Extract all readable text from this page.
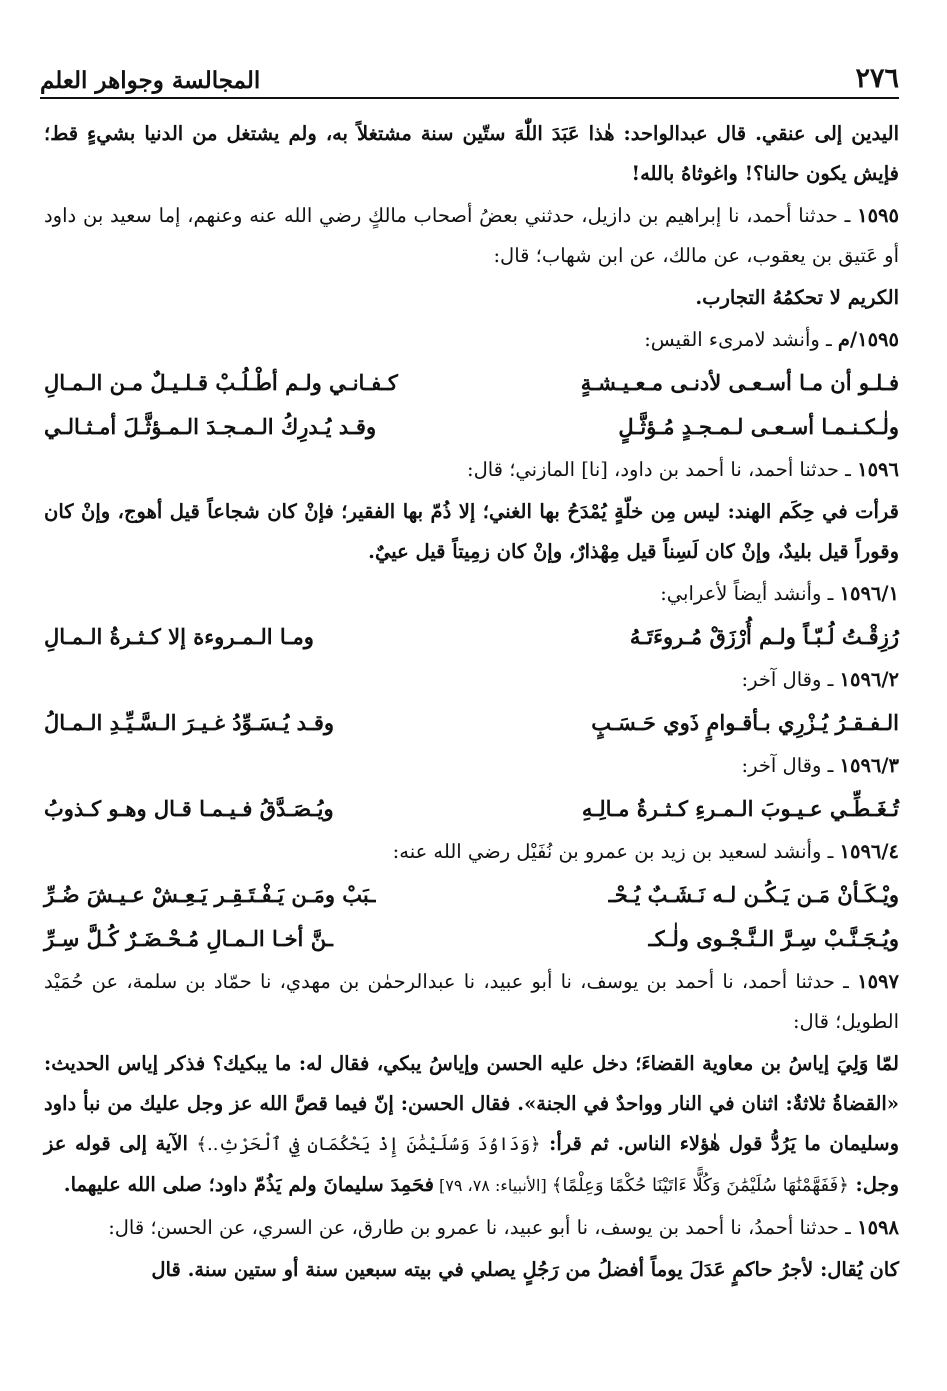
٢٧٦
المجالسة وجواهر العلم

اليدين إلى عنقي. قال عبدالواحد: هٰذا عَبَدَ اللّٰهَ ستّين سنة مشتغلاً به، ولم يشتغل من الدنيا بشيءٍ قط؛ فإيش يكون حالنا؟! واغوثاهُ بالله!

١٥٩٥ ـ حدثنا أحمد، نا إبراهيم بن دازيل، حدثني بعضُ أصحاب مالكٍ رضي الله عنه وعنهم، إما سعيد بن داود أو عَتيق بن يعقوب، عن مالك، عن ابن شهاب؛ قال:

الكريم لا تحكمُهُ التجارب.

١٥٩٥/م ـ وأنشد لامرىء القيس:

فـلـو أن مـا أسـعـى لأدنـى مـعـيـشـةٍ
كـفـانـي ولـم أطْـلُـبْ قـلـيـلٌ مـن الـمـالِ
ولٰـكـنـمـا أسـعـى لـمـجـدٍ مُـؤثَّـلٍ
وقـد يُـدرِكُ الـمـجـدَ الـمـؤثَّـلَ أمـثـالـي

١٥٩٦ ـ حدثنا أحمد، نا أحمد بن داود، [نا] المازني؛ قال:

قرأت في حِكَم الهند: ليس مِن خلّةٍ يُمْدَحُ بها الغني؛ إلا ذُمّ بها الفقير؛ فإنْ كان شجاعاً قيل أهوج، وإنْ كان وقوراً قيل بليدٌ، وإنْ كان لَسِناً قيل مِهْذارٌ، وإنْ كان زمِيتاً قيل عييٌ.

١٥٩٦/١ ـ وأنشد أيضاً لأعرابي:

رُزِقْـتُ لُـبّـاً ولـم أُرْزَقْ مُـروءَتَـهُ
ومـا الـمـروءة إلا كـثـرةُ الـمـالِ

١٥٩٦/٢ ـ وقال آخر:

الـفـقـرُ يُـزْرِي بـأقـوامٍ ذَوي حَـسَـبٍ
وقـد يُـسَـوِّدُ غـيـرَ الـسَّـيِّـدِ الـمـالُ

١٥٩٦/٣ ـ وقال آخر:

تُـغَـطِّـي عـيـوبَ الـمـرءِ كـثـرةُ مـالِـهِ
ويُـصَـدَّقُ فـيـمـا قـال وهـو كـذوبُ

١٥٩٦/٤ ـ وأنشد لسعيد بن زيد بن عمرو بن نُفَيْل رضي الله عنه:

ويْـكَـأنْ مَـن يَـكُـن لـه نَـشَـبٌ يُـحْـ
ـبَبْ ومَـن يَـفْـتَـقِـر يَـعِـشْ عـيـشَ ضُـرِّ
ويُـجَـنَّـبْ سِـرَّ الـنَّـجْـوى ولٰـكـ
ـنَّ أخـا الـمـالِ مُـحْـضَـرٌ كُـلَّ سِـرِّ

١٥٩٧ ـ حدثنا أحمد، نا أحمد بن يوسف، نا أبو عبيد، نا عبدالرحمٰن بن مهدي، نا حمّاد بن سلمة، عن حُمَيْد الطويل؛ قال:

لمّا وَلِيَ إياسُ بن معاوية القضاءَ؛ دخل عليه الحسن وإياسُ يبكي، فقال له: ما يبكيك؟ فذكر إياس الحديث: «القضاةُ ثلاثةٌ: اثنان في النار وواحدٌ في الجنة». فقال الحسن: إنّ فيما قصَّ الله عز وجل عليك من نبأ داود وسليمان ما يَرُدُّ قول هٰؤلاء الناس. ثم قرأ: ﴿وَدَاوُدَ وَسُلَيْمَٰنَ إِذْ يَحْكُمَانِ فِي ٱلْحَرْثِ..﴾ الآية إلى قوله عز وجل: ﴿فَفَهَّمْنَٰهَا سُلَيْمَٰنَ وَكُلًّا ءَاتَيْنَا حُكْمًا وَعِلْمًا﴾ [الأنبياء: ٧٨، ٧٩] فحَمِدَ سليمانَ ولم يَذُمّ داود؛ صلى الله عليهما.

١٥٩٨ ـ حدثنا أحمدُ، نا أحمد بن يوسف، نا أبو عبيد، نا عمرو بن طارق، عن السري، عن الحسن؛ قال:

كان يُقال: لأجرُ حاكمٍ عَدَلَ يوماً أفضلُ من رَجُلٍ يصلي في بيته سبعين سنة أو ستين سنة. قال
